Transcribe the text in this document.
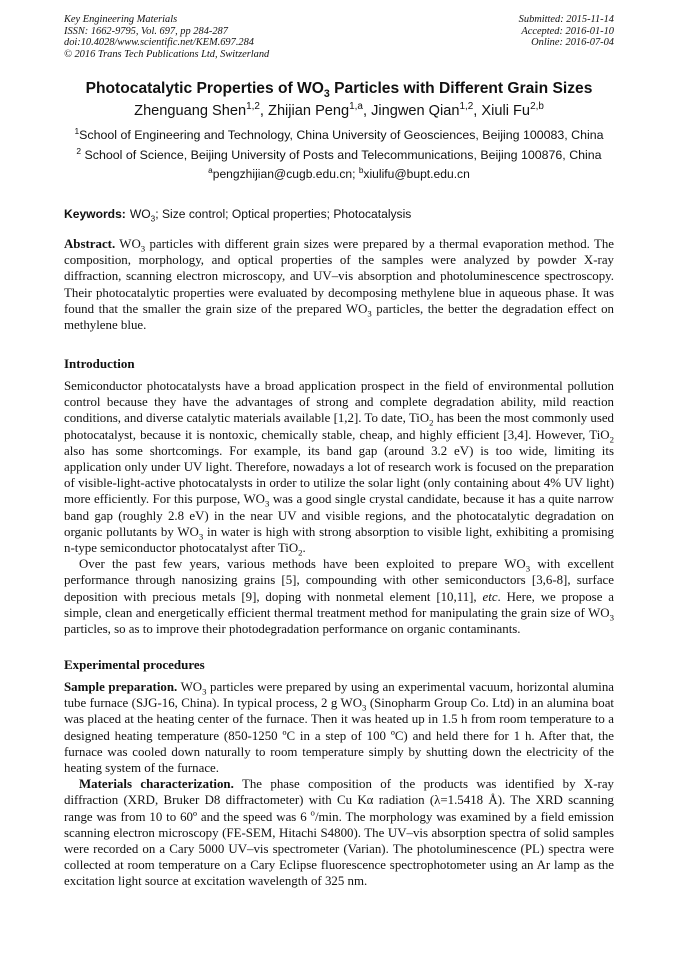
Key Engineering Materials
ISSN: 1662-9795, Vol. 697, pp 284-287
doi:10.4028/www.scientific.net/KEM.697.284
© 2016 Trans Tech Publications Ltd, Switzerland
Submitted: 2015-11-14
Accepted: 2016-01-10
Online: 2016-07-04
Photocatalytic Properties of $WO_3$ Particles with Different Grain Sizes
Zhenguang Shen$^{1,2}$, Zhijian Peng$^{1,a}$, Jingwen Qian$^{1,2}$, Xiuli Fu$^{2,b}$
$^1$School of Engineering and Technology, China University of Geosciences, Beijing 100083, China
$^2$ School of Science, Beijing University of Posts and Telecommunications, Beijing 100876, China
$^a$pengzhijian@cugb.edu.cn; $^b$xiulifu@bupt.edu.cn
Keywords: $WO_3$; Size control; Optical properties; Photocatalysis

Abstract. $WO_3$ particles with different grain sizes were prepared by a thermal evaporation method. The composition, morphology, and optical properties of the samples were analyzed by powder X-ray diffraction, scanning electron microscopy, and UV–vis absorption and photoluminescence spectroscopy. Their photocatalytic properties were evaluated by decomposing methylene blue in aqueous phase. It was found that the smaller the grain size of the prepared $WO_3$ particles, the better the degradation effect on methylene blue.

Introduction

Semiconductor photocatalysts have a broad application prospect in the field of environmental pollution control because they have the advantages of strong and complete degradation ability, mild reaction conditions, and diverse catalytic materials available [1,2]. To date, TiO$_2$ has been the most commonly used photocatalyst, because it is nontoxic, chemically stable, cheap, and highly efficient [3,4]. However, TiO$_2$ also has some shortcomings. For example, its band gap (around 3.2 eV) is too wide, limiting its application only under UV light. Therefore, nowadays a lot of research work is focused on the preparation of visible-light-active photocatalysts in order to utilize the solar light (only containing about 4% UV light) more efficiently. For this purpose, $WO_3$ was a good single crystal candidate, because it has a quite narrow band gap (roughly 2.8 eV) in the near UV and visible regions, and the photocatalytic degradation on organic pollutants by $WO_3$ in water is high with strong absorption to visible light, exhibiting a promising n-type semiconductor photocatalyst after TiO$_2$.

Over the past few years, various methods have been exploited to prepare $WO_3$ with excellent performance through nanosizing grains [5], compounding with other semiconductors [3,6-8], surface deposition with precious metals [9], doping with nonmetal element [10,11], etc. Here, we propose a simple, clean and energetically efficient thermal treatment method for manipulating the grain size of $WO_3$ particles, so as to improve their photodegradation performance on organic contaminants.

Experimental procedures

Sample preparation. $WO_3$ particles were prepared by using an experimental vacuum, horizontal alumina tube furnace (SJG-16, China). In typical process, 2 g $WO_3$ (Sinopharm Group Co. Ltd) in an alumina boat was placed at the heating center of the furnace. Then it was heated up in 1.5 h from room temperature to a designed heating temperature (850-1250 ºC in a step of 100 ºC) and held there for 1 h. After that, the furnace was cooled down naturally to room temperature simply by shutting down the electricity of the heating system of the furnace.

Materials characterization. The phase composition of the products was identified by X-ray diffraction (XRD, Bruker D8 diffractometer) with Cu Kα radiation (λ=1.5418 Å). The XRD scanning range was from 10 to 60º and the speed was 6 $^o$/min. The morphology was examined by a field emission scanning electron microscopy (FE-SEM, Hitachi S4800). The UV–vis absorption spectra of solid samples were recorded on a Cary 5000 UV–vis spectrometer (Varian). The photoluminescence (PL) spectra were collected at room temperature on a Cary Eclipse fluorescence spectrophotometer using an Ar lamp as the excitation light source at excitation wavelength of 325 nm.
